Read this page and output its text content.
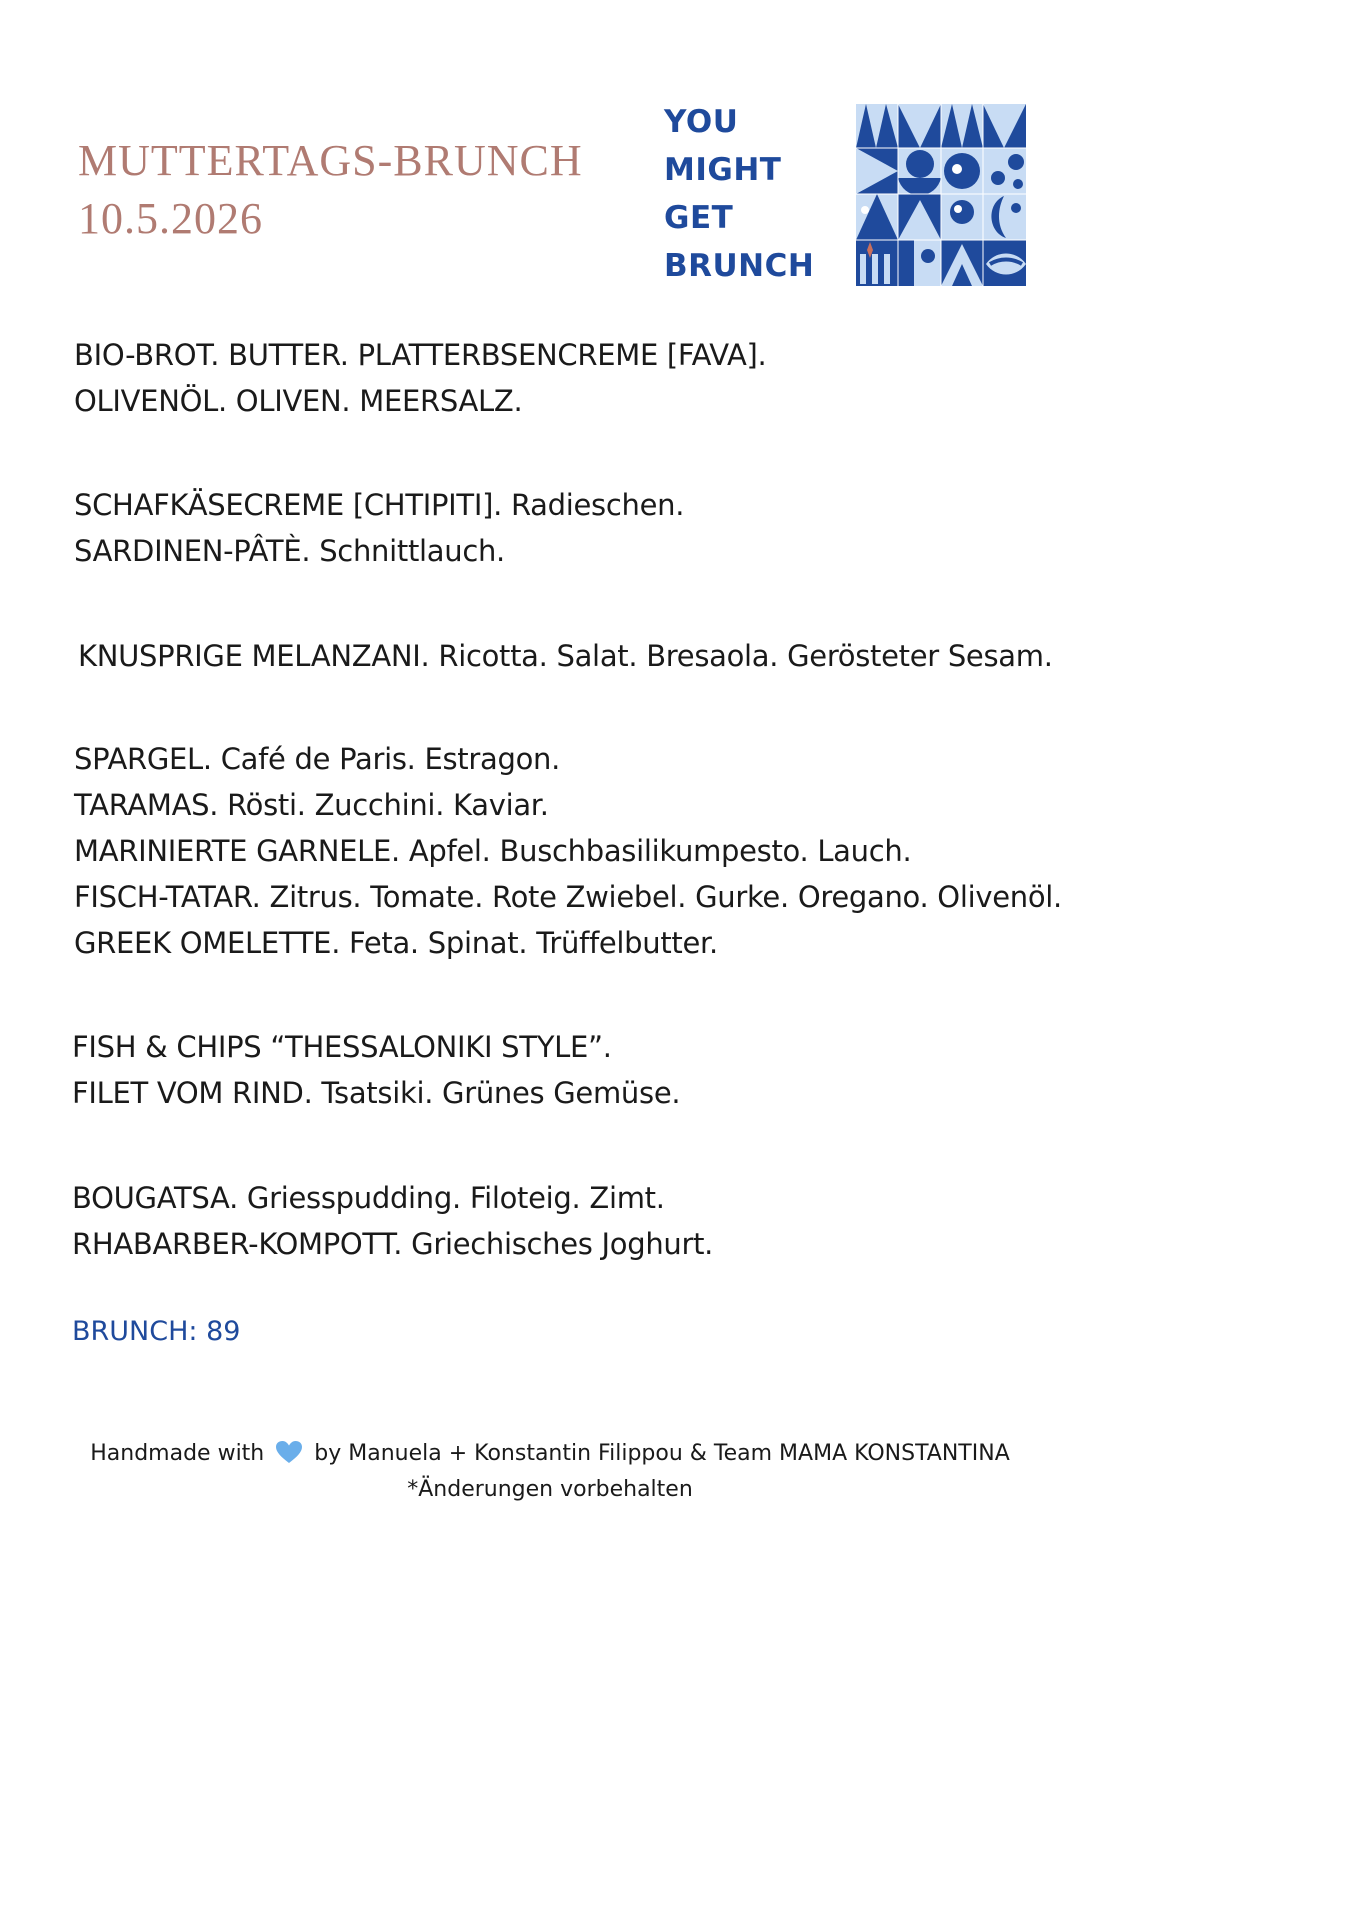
MUTTERTAGS-BRUNCH
10.5.2026
YOU
MIGHT
GET
BRUNCH

BIO-BROT. BUTTER. PLATTERBSENCREME [FAVA].

OLIVENÖL. OLIVEN. MEERSALZ.

SCHAFKÄSECREME [CHTIPITI]. Radieschen.

SARDINEN-PÂTÈ. Schnittlauch.

KNUSPRIGE MELANZANI. Ricotta. Salat. Bresaola. Gerösteter Sesam.

SPARGEL. Café de Paris. Estragon.

TARAMAS. Rösti. Zucchini. Kaviar.

MARINIERTE GARNELE. Apfel. Buschbasilikumpesto. Lauch.

FISCH-TATAR. Zitrus. Tomate. Rote Zwiebel. Gurke. Oregano. Olivenöl.

GREEK OMELETTE. Feta. Spinat. Trüffelbutter.

FISH & CHIPS “THESSALONIKI STYLE”.

FILET VOM RIND. Tsatsiki. Grünes Gemüse.

BOUGATSA. Griesspudding. Filoteig. Zimt.

RHABARBER-KOMPOTT. Griechisches Joghurt.

BRUNCH: 89

Handmade with by Manuela + Konstantin Filippou & Team MAMA KONSTANTINA

*Änderungen vorbehalten
